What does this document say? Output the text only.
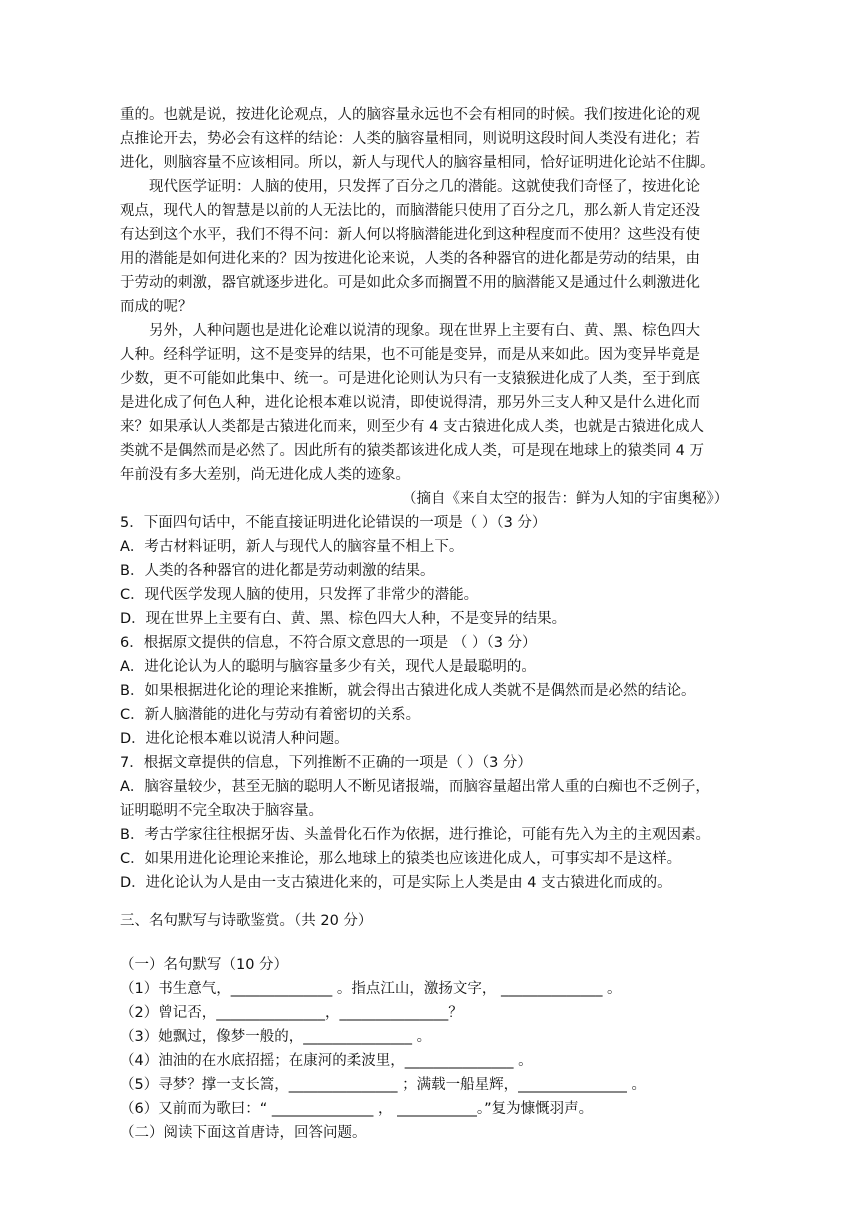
重的。也就是说，按进化论观点，人的脑容量永远也不会有相同的时候。我们按进化论的观
点推论开去，势必会有这样的结论：人类的脑容量相同，则说明这段时间人类没有进化；若
进化，则脑容量不应该相同。所以，新人与现代人的脑容量相同，恰好证明进化论站不住脚。
现代医学证明：人脑的使用，只发挥了百分之几的潜能。这就使我们奇怪了，按进化论
观点，现代人的智慧是以前的人无法比的，而脑潜能只使用了百分之几，那么新人肯定还没
有达到这个水平，我们不得不问：新人何以将脑潜能进化到这种程度而不使用？这些没有使
用的潜能是如何进化来的？因为按进化论来说，人类的各种器官的进化都是劳动的结果，由
于劳动的刺激，器官就逐步进化。可是如此众多而搁置不用的脑潜能又是通过什么刺激进化
而成的呢？
另外，人种问题也是进化论难以说清的现象。现在世界上主要有白、黄、黑、棕色四大
人种。经科学证明，这不是变异的结果，也不可能是变异，而是从来如此。因为变异毕竟是
少数，更不可能如此集中、统一。可是进化论则认为只有一支猿猴进化成了人类，至于到底
是进化成了何色人种，进化论根本难以说清，即使说得清，那另外三支人种又是什么进化而
来？如果承认人类都是古猿进化而来，则至少有 4 支古猿进化成人类，也就是古猿进化成人
类就不是偶然而是必然了。因此所有的猿类都该进化成人类，可是现在地球上的猿类同 4 万
年前没有多大差别，尚无进化成人类的迹象。
（摘自《来自太空的报告：鲜为人知的宇宙奥秘》）
5．下面四句话中，不能直接证明进化论错误的一项是（ ）（3 分）
A．考古材料证明，新人与现代人的脑容量不相上下。
B．人类的各种器官的进化都是劳动刺激的结果。
C．现代医学发现人脑的使用，只发挥了非常少的潜能。
D．现在世界上主要有白、黄、黑、棕色四大人种，不是变异的结果。
6．根据原文提供的信息，不符合原文意思的一项是 （ ）（3 分）
A．进化论认为人的聪明与脑容量多少有关，现代人是最聪明的。
B．如果根据进化论的理论来推断，就会得出古猿进化成人类就不是偶然而是必然的结论。
C．新人脑潜能的进化与劳动有着密切的关系。
D．进化论根本难以说清人种问题。
7．根据文章提供的信息，下列推断不正确的一项是（ ）（3 分）
A．脑容量较少，甚至无脑的聪明人不断见诸报端，而脑容量超出常人重的白痴也不乏例子，
证明聪明不完全取决于脑容量。
B．考古学家往往根据牙齿、头盖骨化石作为依据，进行推论，可能有先入为主的主观因素。
C．如果用进化论理论来推论，那么地球上的猿类也应该进化成人，可事实却不是这样。
D．进化论认为人是由一支古猿进化来的，可是实际上人类是由 4 支古猿进化而成的。
三、名句默写与诗歌鉴赏。（共 20 分）
（一）名句默写（10 分）
（1）书生意气，______________ 。指点江山，激扬文字， ______________ 。
（2）曾记否，_______________，_______________？
（3）她飘过，像梦一般的，_______________ 。
（4）油油的在水底招摇；在康河的柔波里，_______________ 。
（5）寻梦？撑一支长篙，_______________ ；满载一船星辉，_______________ 。
（6）又前而为歌曰：“ ______________ ， ___________。”复为慷慨羽声。
（二）阅读下面这首唐诗，回答问题。
